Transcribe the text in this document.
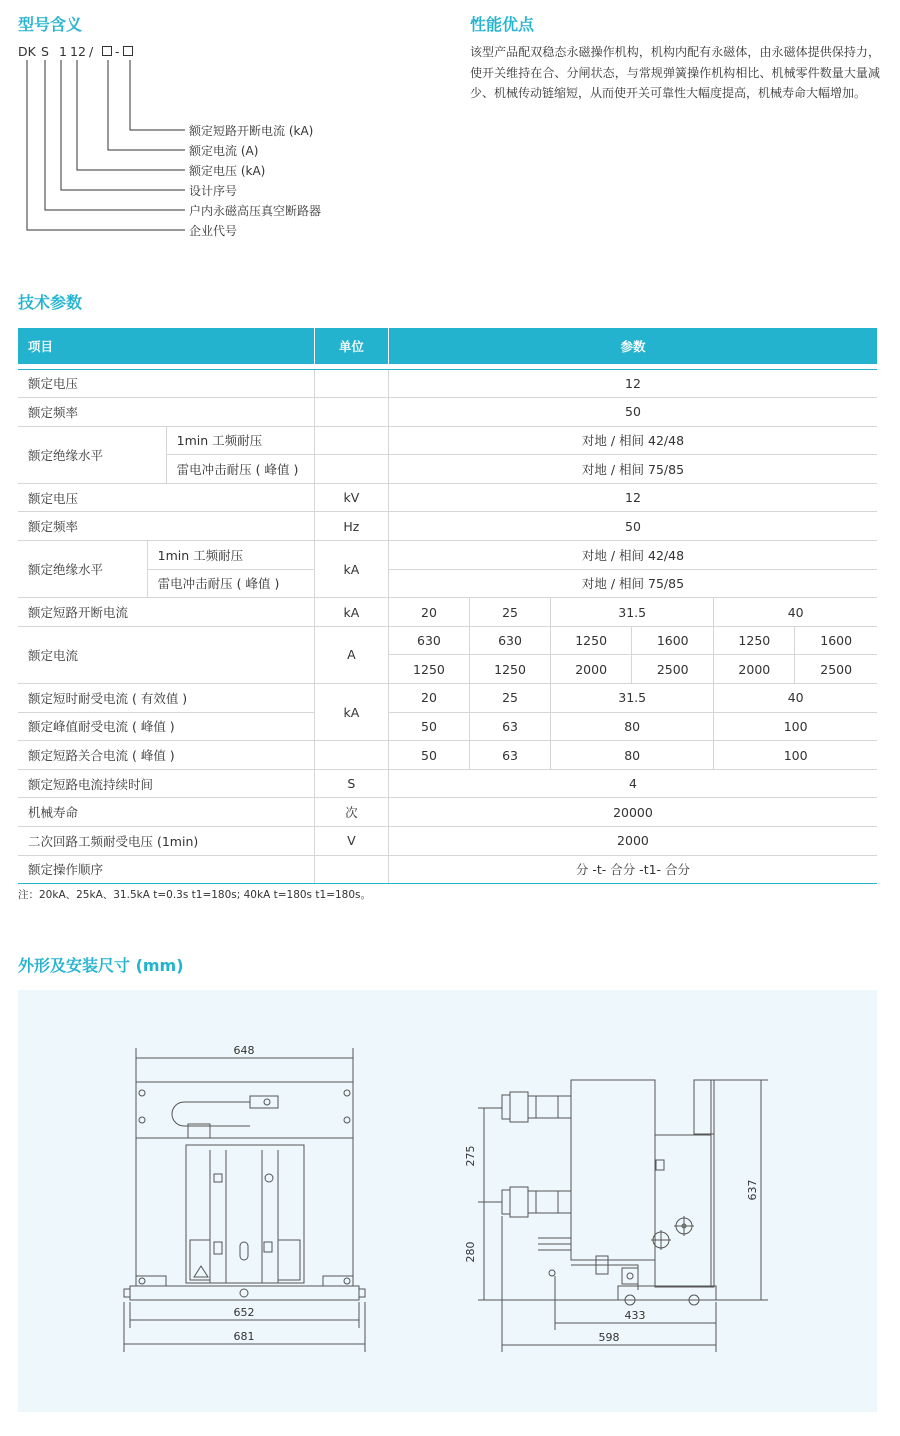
型号含义	性能优点
技术参数
外形及安装尺寸 (mm)
DK S 1 12 / -
额定短路开断电流 (kA)
额定电流 (A)
额定电压 (kA)
设计序号
户内永磁高压真空断路器
企业代号
该型产品配双稳态永磁操作机构，机构内配有永磁体，由永磁体提供保持力，使开关维持在合、分闸状态，与常规弹簧操作机构相比、机械零件数量大量减少、机械传动链缩短，从而使开关可靠性大幅度提高，机械寿命大幅增加。
项目			单位	参数					

额定电压				12					
额定频率				50					
额定绝缘水平		1min 工频耐压		对地 / 相间 42/48					
		雷电冲击耐压 ( 峰值 )		对地 / 相间 75/85					
额定电压			kV	12					
额定频率			Hz	50					
额定绝缘水平	1min 工频耐压		kA	对地 / 相间 42/48					
	雷电冲击耐压 ( 峰值 )			对地 / 相间 75/85					
额定短路开断电流			kA	20	25	31.5		40	
额定电流			A	630	630	1250	1600	1250	1600
				1250	1250	2000	2500	2000	2500
额定短时耐受电流 ( 有效值 )			kA	20	25	31.5		40	
额定峰值耐受电流 ( 峰值 )				50	63	80		100	
额定短路关合电流 ( 峰值 )				50	63	80		100	
额定短路电流持续时间			S	4					
机械寿命			次	20000					
二次回路工频耐受电压 (1min)			V	2000					
额定操作顺序				分 -t- 合分 -t1- 合分					
注：20kA、25kA、31.5kA t=0.3s t1=180s; 40kA t=180s t1=180s。
648
652
681
275
280
637
433
598
